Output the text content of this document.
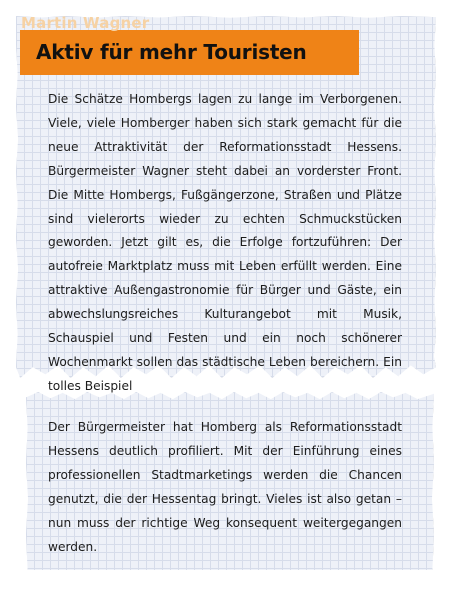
Martin Wagner
Aktiv für mehr Touristen

Die Schätze Hombergs lagen zu lange im Verborgenen. Viele, viele Homberger haben sich stark gemacht für die neue Attraktivität der Reformationsstadt Hessens. Bürgermeister Wagner steht dabei an vorderster Front. Die Mitte Hombergs, Fußgängerzone, Straßen und Plätze sind vielerorts wieder zu echten Schmuckstücken geworden. Jetzt gilt es, die Erfolge fortzuführen: Der autofreie Marktplatz muss mit Leben erfüllt werden. Eine attraktive Außengastronomie für Bürger und Gäste, ein abwechslungsreiches Kulturangebot mit Musik, Schauspiel und Festen und ein noch schönerer Wochenmarkt sollen das städtische Leben bereichern. Ein tolles Beispiel

Der Bürgermeister hat Homberg als Reformationsstadt Hessens deutlich profiliert. Mit der Einführung eines professionellen Stadtmarketings werden die Chancen genutzt, die der Hessentag bringt. Vieles ist also getan – nun muss der richtige Weg konsequent weitergegangen werden.
